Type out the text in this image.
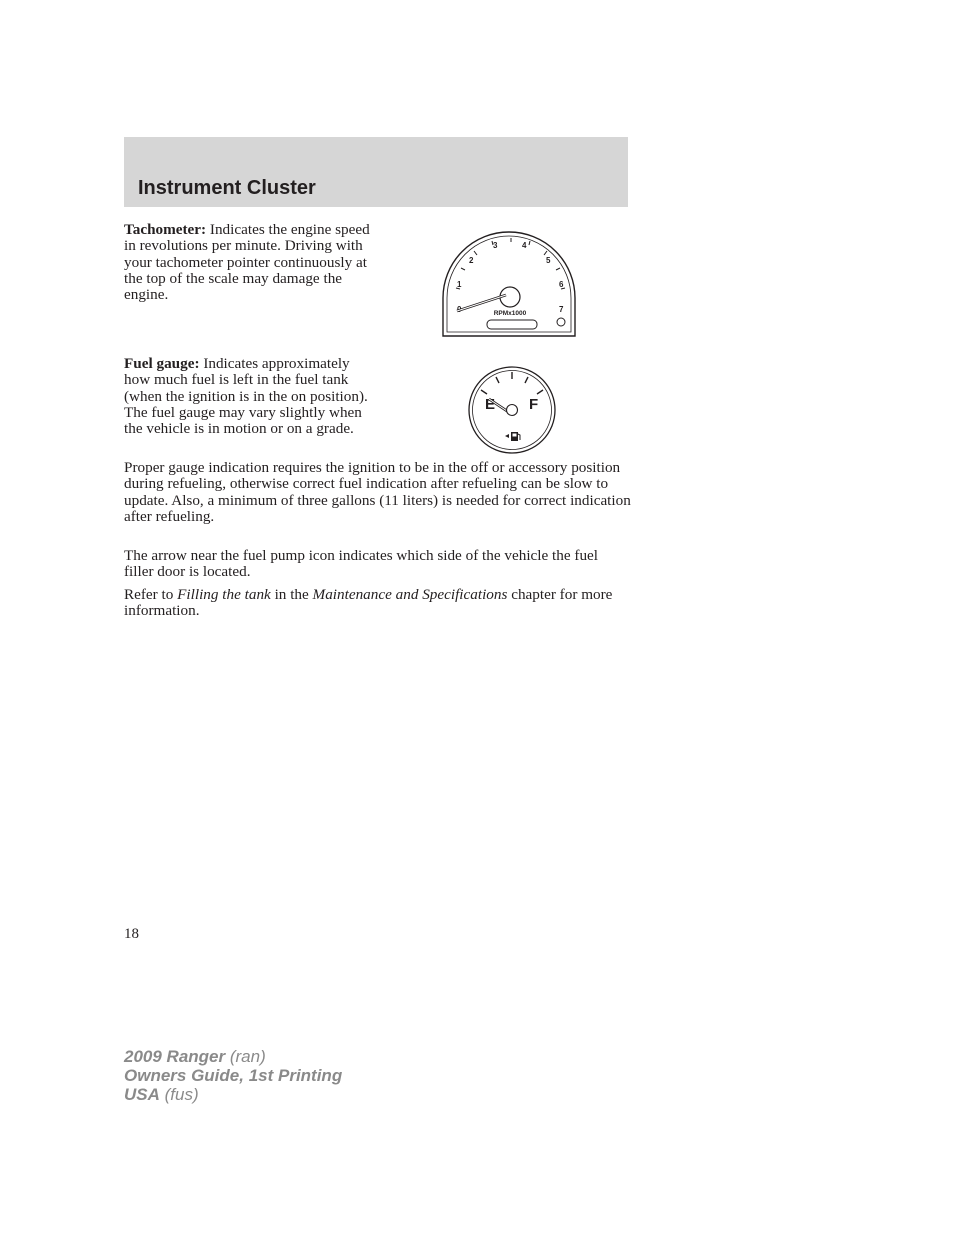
Instrument Cluster

Tachometer: Indicates the engine speed in revolutions per minute. Driving with your tachometer pointer continuously at the top of the scale may damage the engine.

1
2
3	4
5
6
7
RPMx1000

Fuel gauge: Indicates approximately how much fuel is left in the fuel tank (when the ignition is in the on position). The fuel gauge may vary slightly when the vehicle is in motion or on a grade.

E F

Proper gauge indication requires the ignition to be in the off or accessory position during refueling, otherwise correct fuel indication after refueling can be slow to update. Also, a minimum of three gallons (11 liters) is needed for correct indication after refueling.

The arrow near the fuel pump icon indicates which side of the vehicle the fuel filler door is located.

Refer to Filling the tank in the Maintenance and Specifications chapter for more information.

18

2009 Ranger (ran)
Owners Guide, 1st Printing
USA (fus)
